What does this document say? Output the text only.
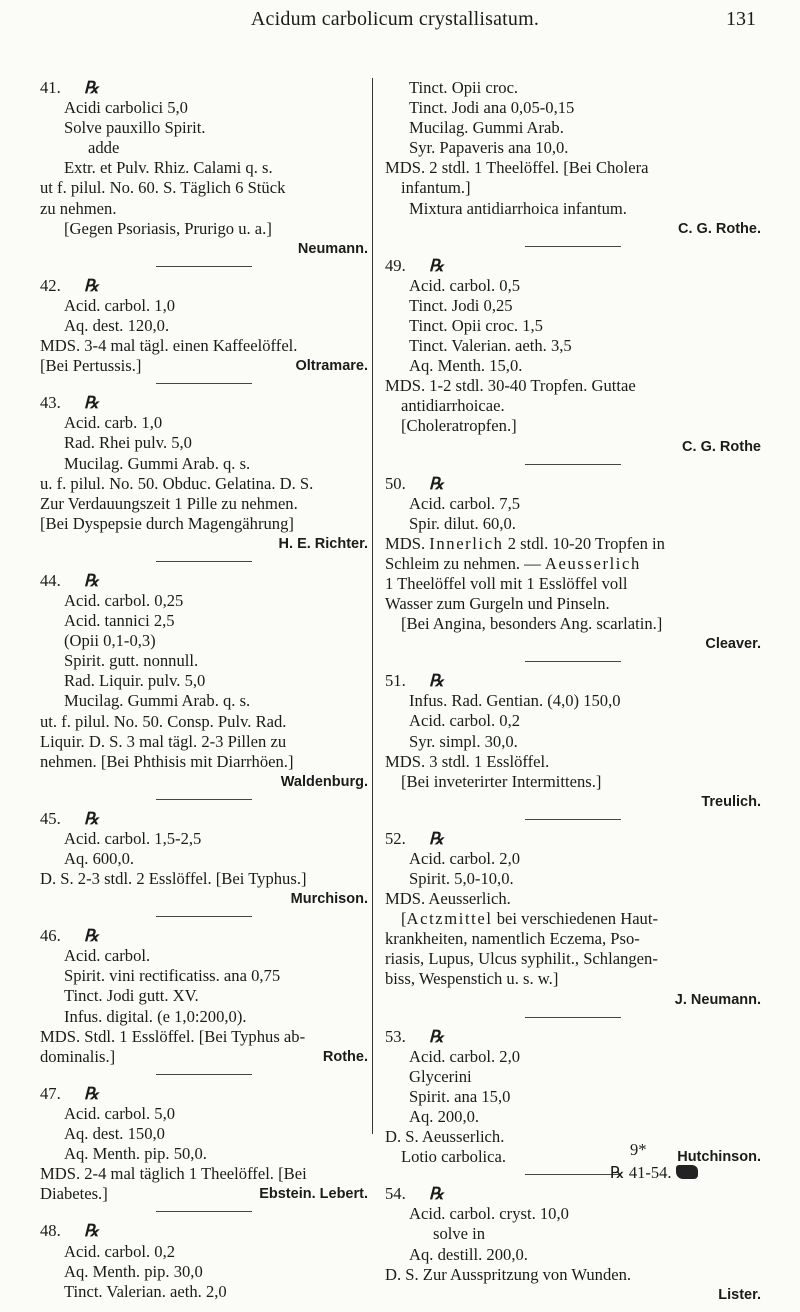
Acidum carbolicum crystallisatum.	131
41. ℞
Acidi carbolici 5,0
Solve pauxillo Spirit.
adde
Extr. et Pulv. Rhiz. Calami q. s.
ut f. pilul. No. 60. S. Täglich 6 Stück
zu nehmen.
[Gegen Psoriasis, Prurigo u. a.]
Neumann.
42. ℞
Acid. carbol. 1,0
Aq. dest. 120,0.
MDS. 3-4 mal tägl. einen Kaffeelöffel.
[Bei Pertussis.]	Oltramare.
43. ℞
Acid. carb. 1,0
Rad. Rhei pulv. 5,0
Mucilag. Gummi Arab. q. s.
u. f. pilul. No. 50. Obduc. Gelatina. D. S.
Zur Verdauungszeit 1 Pille zu nehmen.
[Bei Dyspepsie durch Magengährung]
H. E. Richter.
44. ℞
Acid. carbol. 0,25
Acid. tannici 2,5
(Opii 0,1-0,3)
Spirit. gutt. nonnull.
Rad. Liquir. pulv. 5,0
Mucilag. Gummi Arab. q. s.
ut. f. pilul. No. 50. Consp. Pulv. Rad.
Liquir. D. S. 3 mal tägl. 2-3 Pillen zu
nehmen. [Bei Phthisis mit Diarrhöen.]
Waldenburg.
45. ℞
Acid. carbol. 1,5-2,5
Aq. 600,0.
D. S. 2-3 stdl. 2 Esslöffel. [Bei Typhus.]
Murchison.
46. ℞
Acid. carbol.
Spirit. vini rectificatiss. ana 0,75
Tinct. Jodi gutt. XV.
Infus. digital. (e 1,0:200,0).
MDS. Stdl. 1 Esslöffel. [Bei Typhus ab-
dominalis.]	Rothe.
47. ℞
Acid. carbol. 5,0
Aq. dest. 150,0
Aq. Menth. pip. 50,0.
MDS. 2-4 mal täglich 1 Theelöffel. [Bei
Diabetes.]	Ebstein. Lebert.
48. ℞
Acid. carbol. 0,2
Aq. Menth. pip. 30,0
Tinct. Valerian. aeth. 2,0
Tinct. Opii croc.
Tinct. Jodi ana 0,05-0,15
Mucilag. Gummi Arab.
Syr. Papaveris ana 10,0.
MDS. 2 stdl. 1 Theelöffel. [Bei Cholera
infantum.]
Mixtura antidiarrhoica infantum.
C. G. Rothe.
49. ℞
Acid. carbol. 0,5
Tinct. Jodi 0,25
Tinct. Opii croc. 1,5
Tinct. Valerian. aeth. 3,5
Aq. Menth. 15,0.
MDS. 1-2 stdl. 30-40 Tropfen. Guttae
antidiarrhoicae.
[Choleratropfen.]
C. G. Rothe
50. ℞
Acid. carbol. 7,5
Spir. dilut. 60,0.
MDS. Innerlich 2 stdl. 10-20 Tropfen in
Schleim zu nehmen. — Aeusserlich
1 Theelöffel voll mit 1 Esslöffel voll
Wasser zum Gurgeln und Pinseln.
[Bei Angina, besonders Ang. scarlatin.]
Cleaver.
51. ℞
Infus. Rad. Gentian. (4,0) 150,0
Acid. carbol. 0,2
Syr. simpl. 30,0.
MDS. 3 stdl. 1 Esslöffel.
[Bei inveterirter Intermittens.]
Treulich.
52. ℞
Acid. carbol. 2,0
Spirit. 5,0-10,0.
MDS. Aeusserlich.
[Actzmittel bei verschiedenen Haut-
krankheiten, namentlich Eczema, Pso-
riasis, Lupus, Ulcus syphilit., Schlangen-
biss, Wespenstich u. s. w.]
J. Neumann.
53. ℞
Acid. carbol. 2,0
Glycerini
Spirit. ana 15,0
Aq. 200,0.
D. S. Aeusserlich.
Lotio carbolica.	Hutchinson.
54. ℞
Acid. carbol. cryst. 10,0
solve in
Aq. destill. 200,0.
D. S. Zur Ausspritzung von Wunden.
Lister.
9*
℞ 41-54.
